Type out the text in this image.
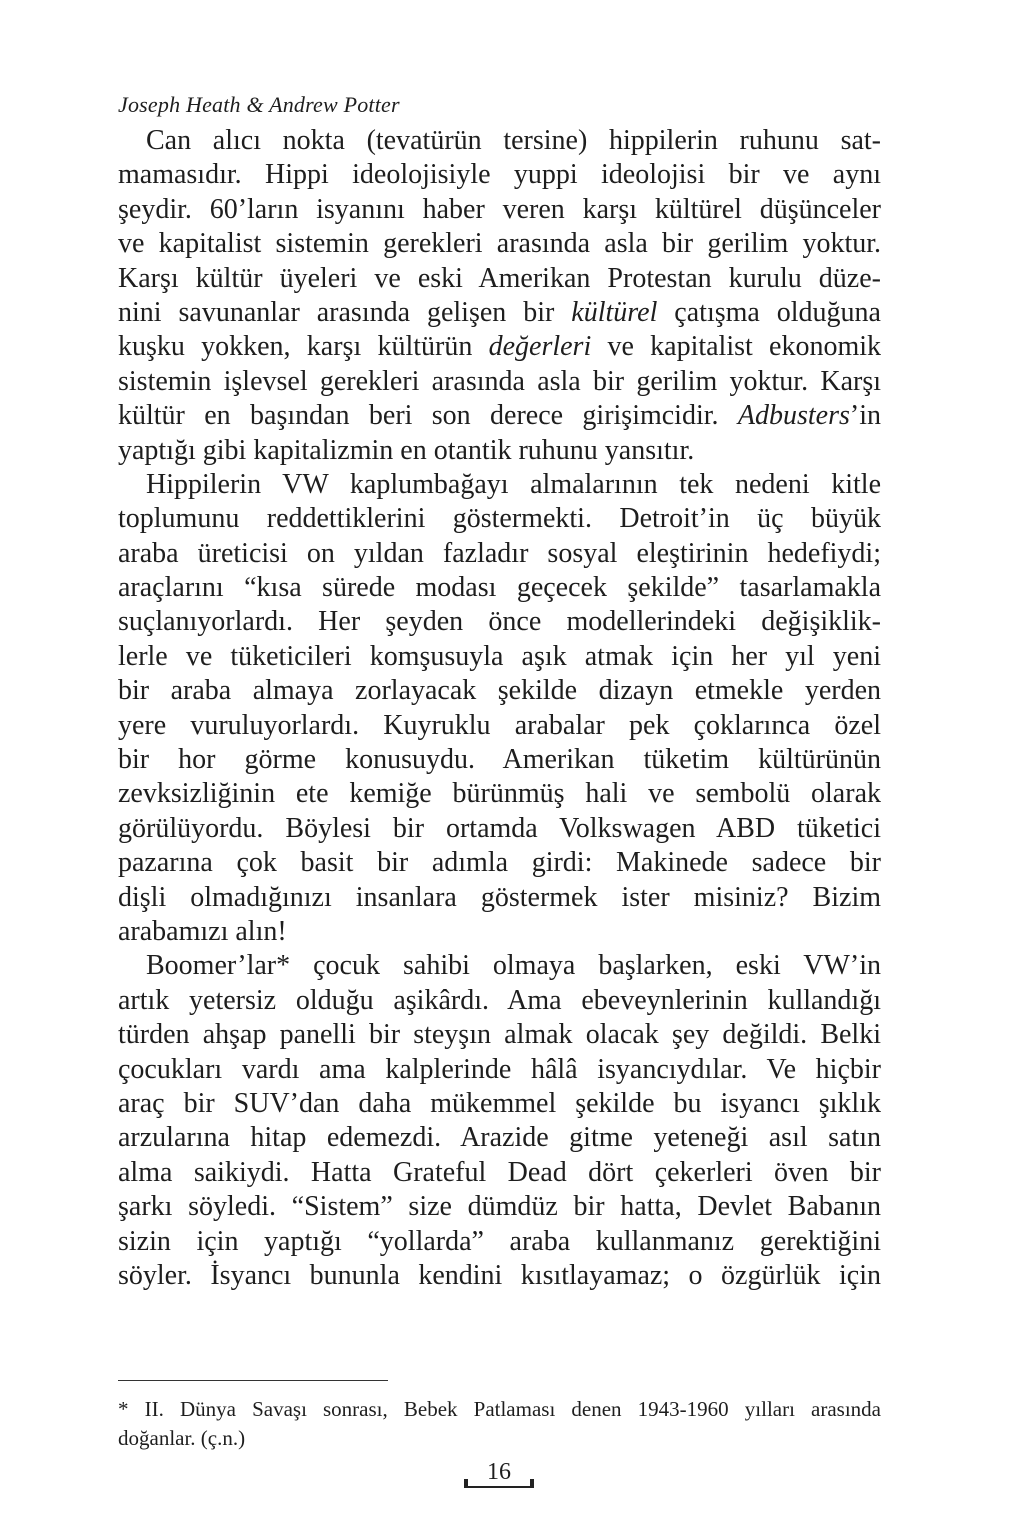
Joseph Heath & Andrew Potter
Can alıcı nokta (tevatürün tersine) hippilerin ruhunu sat-
mamasıdır. Hippi ideolojisiyle yuppi ideolojisi bir ve aynı
şeydir. 60’ların isyanını haber veren karşı kültürel düşünceler
ve kapitalist sistemin gerekleri arasında asla bir gerilim yoktur.
Karşı kültür üyeleri ve eski Amerikan Protestan kurulu düze-
nini savunanlar arasında gelişen bir kültürel çatışma olduğuna
kuşku yokken, karşı kültürün değerleri ve kapitalist ekonomik
sistemin işlevsel gerekleri arasında asla bir gerilim yoktur. Karşı
kültür en başından beri son derece girişimcidir. Adbusters’in
yaptığı gibi kapitalizmin en otantik ruhunu yansıtır.
Hippilerin VW kaplumbağayı almalarının tek nedeni kitle
toplumunu reddettiklerini göstermekti. Detroit’in üç büyük
araba üreticisi on yıldan fazladır sosyal eleştirinin hedefiydi;
araçlarını “kısa sürede modası geçecek şekilde” tasarlamakla
suçlanıyorlardı. Her şeyden önce modellerindeki değişiklik-
lerle ve tüketicileri komşusuyla aşık atmak için her yıl yeni
bir araba almaya zorlayacak şekilde dizayn etmekle yerden
yere vuruluyorlardı. Kuyruklu arabalar pek çoklarınca özel
bir hor görme konusuydu. Amerikan tüketim kültürünün
zevksizliğinin ete kemiğe bürünmüş hali ve sembolü olarak
görülüyordu. Böylesi bir ortamda Volkswagen ABD tüketici
pazarına çok basit bir adımla girdi: Makinede sadece bir
dişli olmadığınızı insanlara göstermek ister misiniz? Bizim
arabamızı alın!
Boomer’lar* çocuk sahibi olmaya başlarken, eski VW’in
artık yetersiz olduğu aşikârdı. Ama ebeveynlerinin kullandığı
türden ahşap panelli bir steyşın almak olacak şey değildi. Belki
çocukları vardı ama kalplerinde hâlâ isyancıydılar. Ve hiçbir
araç bir SUV’dan daha mükemmel şekilde bu isyancı şıklık
arzularına hitap edemezdi. Arazide gitme yeteneği asıl satın
alma saikiydi. Hatta Grateful Dead dört çekerleri öven bir
şarkı söyledi. “Sistem” size dümdüz bir hatta, Devlet Babanın
sizin için yaptığı “yollarda” araba kullanmanız gerektiğini
söyler. İsyancı bununla kendini kısıtlayamaz; o özgürlük için
* II. Dünya Savaşı sonrası, Bebek Patlaması denen 1943-1960 yılları arasında
doğanlar. (ç.n.)
16
